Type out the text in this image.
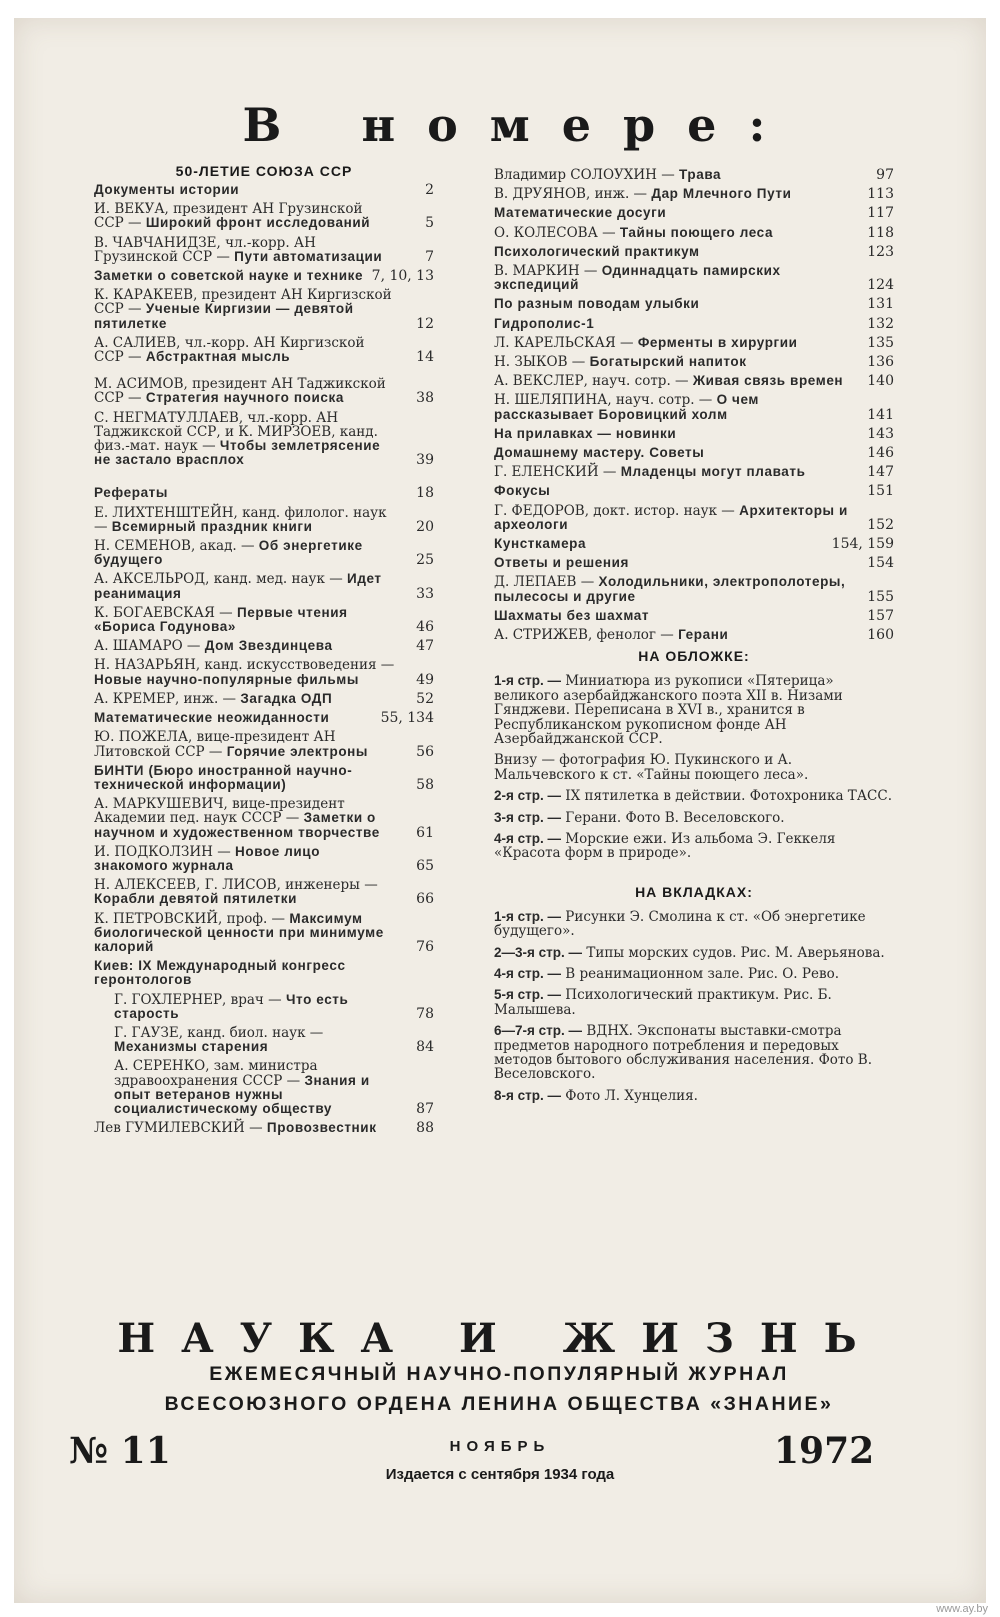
В номере:
50-ЛЕТИЕ СОЮЗА ССР
Документы истории	2
И. ВЕКУА, президент АН Грузинской ССР — Широкий фронт исследований	5
В. ЧАВЧАНИДЗЕ, чл.-корр. АН Грузинской ССР — Пути автоматизации	7
Заметки о советской науке и технике 7, 10, 13
К. КАРАКЕЕВ, президент АН Киргизской ССР — Ученые Киргизии — девятой пятилетке	12
А. САЛИЕВ, чл.-корр. АН Киргизской ССР — Абстрактная мысль	14
М. АСИМОВ, президент АН Таджикской ССР — Стратегия научного поиска	38
С. НЕГМАТУЛЛАЕВ, чл.-корр. АН Таджикской ССР, и К. МИРЗОЕВ, канд. физ.-мат. наук — Чтобы землетрясение не застало врасплох	39
Рефераты	18
Е. ЛИХТЕНШТЕЙН, канд. филолог. наук — Всемирный праздник книги	20
Н. СЕМЕНОВ, акад. — Об энергетике будущего	25
А. АКСЕЛЬРОД, канд. мед. наук — Идет реанимация	33
К. БОГАЕВСКАЯ — Первые чтения «Бориса Годунова»	46
А. ШАМАРО — Дом Звездинцева	47
Н. НАЗАРЬЯН, канд. искусствоведения — Новые научно-популярные фильмы	49
А. КРЕМЕР, инж. — Загадка ОДП	52
Математические неожиданности	55, 134
Ю. ПОЖЕЛА, вице-президент АН Литовской ССР — Горячие электроны	56
БИНТИ (Бюро иностранной научно-технической информации)	58
А. МАРКУШЕВИЧ, вице-президент Академии пед. наук СССР — Заметки о научном и художественном творчестве	61
И. ПОДКОЛЗИН — Новое лицо знакомого журнала	65
Н. АЛЕКСЕЕВ, Г. ЛИСОВ, инженеры — Корабли девятой пятилетки	66
К. ПЕТРОВСКИЙ, проф. — Максимум биологической ценности при минимуме калорий	76
Киев: IX Международный конгресс геронтологов
Г. ГОХЛЕРНЕР, врач — Что есть старость	78
Г. ГАУЗЕ, канд. биол. наук — Механизмы старения	84
А. СЕРЕНКО, зам. министра здравоохранения СССР — Знания и опыт ветеранов нужны социалистическому обществу	87
Лев ГУМИЛЕВСКИЙ — Провозвестник	88
Владимир СОЛОУХИН — Трава	97
В. ДРУЯНОВ, инж. — Дар Млечного Пути	113
Математические досуги	117
О. КОЛЕСОВА — Тайны поющего леса	118
Психологический практикум	123
В. МАРКИН — Одиннадцать памирских экспедиций	124
По разным поводам улыбки	131
Гидрополис-1	132
Л. КАРЕЛЬСКАЯ — Ферменты в хирургии	135
Н. ЗЫКОВ — Богатырский напиток	136
А. ВЕКСЛЕР, науч. сотр. — Живая связь времен 140
Н. ШЕЛЯПИНА, науч. сотр. — О чем рассказывает Боровицкий холм	141
На прилавках — новинки	143
Домашнему мастеру. Советы	146
Г. ЕЛЕНСКИЙ — Младенцы могут плавать	147
Фокусы	151
Г. ФЕДОРОВ, докт. истор. наук — Архитекторы и археологи	152
Кунсткамера	154, 159
Ответы и решения	154
Д. ЛЕПАЕВ — Холодильники, электрополотеры, пылесосы и другие	155
Шахматы без шахмат	157
А. СТРИЖЕВ, фенолог — Герани	160
НА ОБЛОЖКЕ:
1-я стр. — Миниатюра из рукописи «Пятерица» великого азербайджанского поэта XII в. Низами Гянджеви. Переписана в XVI в., хранится в Республиканском рукописном фонде АН Азербайджанской ССР.
Внизу — фотография Ю. Пукинского и А. Мальчевского к ст. «Тайны поющего леса».
2-я стр. — IX пятилетка в действии. Фотохроника ТАСС.
3-я стр. — Герани. Фото В. Веселовского.
4-я стр. — Морские ежи. Из альбома Э. Геккеля «Красота форм в природе».
НА ВКЛАДКАХ:
1-я стр. — Рисунки Э. Смолина к ст. «Об энергетике будущего».
2—3-я стр. — Типы морских судов. Рис. М. Аверьянова.
4-я стр. — В реанимационном зале. Рис. О. Рево.
5-я стр. — Психологический практикум. Рис. Б. Малышева.
6—7-я стр. — ВДНХ. Экспонаты выставки-смотра предметов народного потребления и передовых методов бытового обслуживания населения. Фото В. Веселовского.
8-я стр. — Фото Л. Хунцелия.
НАУКА И ЖИЗНЬ
ЕЖЕМЕСЯЧНЫЙ НАУЧНО-ПОПУЛЯРНЫЙ ЖУРНАЛ
ВСЕСОЮЗНОГО ОРДЕНА ЛЕНИНА ОБЩЕСТВА «ЗНАНИЕ»
№ 11	НОЯБРЬ
Издается с сентября 1934 года
1972
www.ay.by
